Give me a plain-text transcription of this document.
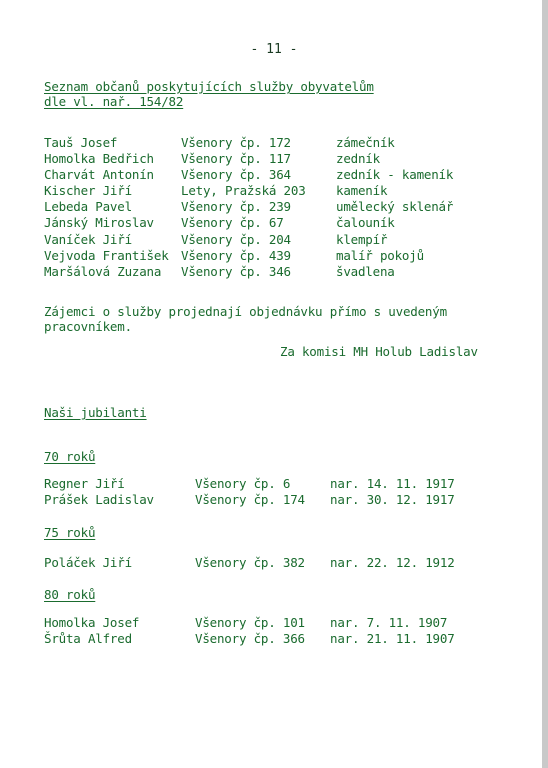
- 11 -
Seznam občanů poskytujících služby obyvatelům
dle vl. nař. 154/82
Tauš Josef	Všenory čp. 172	zámečník
Homolka Bedřich Všenory čp. 117	zedník
Charvát Antonín Všenory čp. 364	zedník - kameník
Kischer Jiří	Lety, Pražská 203 kameník
Lebeda Pavel	Všenory čp. 239	umělecký sklenář
Jánský Miroslav Všenory čp. 67	čalouník
Vaníček Jiří	Všenory čp. 204	klempíř
Vejvoda František Všenory čp. 439	malíř pokojů
Maršálová Zuzana Všenory čp. 346	švadlena
Zájemci o služby projednají objednávku přímo s uvedeným
pracovníkem.
Za komisi MH Holub Ladislav
Naši jubilanti
70 roků
Regner Jiří	Všenory čp. 6	nar. 14. 11. 1917
Prášek Ladislav	Všenory čp. 174 nar. 30. 12. 1917
75 roků
Poláček Jiří	Všenory čp. 382 nar. 22. 12. 1912
80 roků
Homolka Josef	Všenory čp. 101 nar. 7. 11. 1907
Šrůta Alfred	Všenory čp. 366 nar. 21. 11. 1907
